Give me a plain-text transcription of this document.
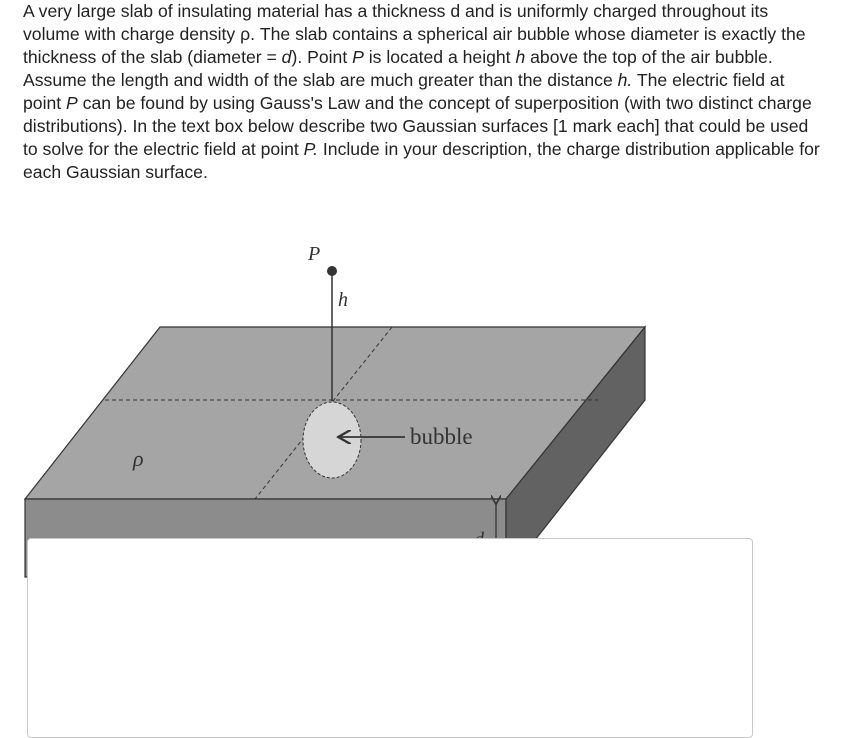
A very large slab of insulating material has a thickness d and is uniformly charged throughout its volume with charge density ρ. The slab contains a spherical air bubble whose diameter is exactly the thickness of the slab (diameter = d). Point P is located a height h above the top of the air bubble. Assume the length and width of the slab are much greater than the distance h. The electric field at point P can be found by using Gauss's Law and the concept of superposition (with two distinct charge distributions). In the text box below describe two Gaussian surfaces [1 mark each] that could be used to solve for the electric field at point P. Include in your description, the charge distribution applicable for each Gaussian surface.

P
h
ρ
bubble
